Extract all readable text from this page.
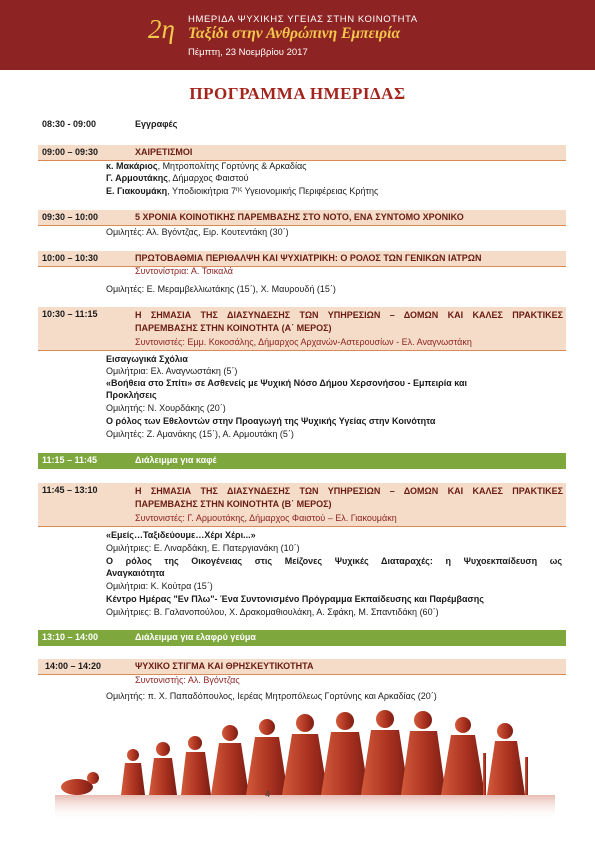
2η ΗΜΕΡΙΔΑ ΨΥΧΙΚΗΣ ΥΓΕΙΑΣ ΣΤΗΝ ΚΟΙΝΟΤΗΤΑ
Ταξίδι στην Ανθρώπινη Εμπειρία
Πέμπτη, 23 Νοεμβρίου 2017
ΠΡΟΓΡΑΜΜΑ ΗΜΕΡΙΔΑΣ
08:30 - 09:00	Εγγραφές
09:00 – 09:30	ΧΑΙΡΕΤΙΣΜΟΙ
κ. Μακάριος, Μητροπολίτης Γορτύνης & Αρκαδίας
Γ. Αρμουτάκης, Δήμαρχος Φαιστού
Ε. Γιακουμάκη, Υποδιοικήτρια $7^{\eta\varsigma}$ Υγειονομικής Περιφέρειας Κρήτης
09:30 – 10:00	5 ΧΡΟΝΙΑ ΚΟΙΝΟΤΙΚΗΣ ΠΑΡΕΜΒΑΣΗΣ ΣΤΟ ΝΟΤΟ, ΕΝΑ ΣΥΝΤΟΜΟ ΧΡΟΝΙΚΟ
Ομιλητές: Αλ. Βγόντζας, Ειρ. Κουτεντάκη (30΄)
10:00 – 10:30	ΠΡΩΤΟΒΑΘΜΙΑ ΠΕΡΙΘΑΛΨΗ ΚΑΙ ΨΥΧΙΑΤΡΙΚΗ: Ο ΡΟΛΟΣ ΤΩΝ ΓΕΝΙΚΩΝ ΙΑΤΡΩΝ
Συντονίστρια: Α. Τσικαλά
Ομιλητές: Ε. Μεραμβελλιωτάκης (15΄), Χ. Μαυρουδή (15΄)
10:30 – 11:15	Η ΣΗΜΑΣΙΑ ΤΗΣ ΔΙΑΣΥΝΔΕΣΗΣ ΤΩΝ ΥΠΗΡΕΣΙΩΝ – ΔΟΜΩΝ ΚΑΙ ΚΑΛΕΣ ΠΡΑΚΤΙΚΕΣ
ΠΑΡΕΜΒΑΣΗΣ ΣΤΗΝ ΚΟΙΝΟΤΗΤΑ (Α΄ ΜΕΡΟΣ)
Συντονιστές: Εμμ. Κοκοσάλης, Δήμαρχος Αρχανών-Αστερουσίων - Ελ. Αναγνωστάκη
Εισαγωγικά Σχόλια
Ομιλήτρια: Ελ. Αναγνωστάκη (5΄)
«Βοήθεια στο Σπίτι» σε Ασθενείς με Ψυχική Νόσο Δήμου Χερσονήσου - Εμπειρία και
Προκλήσεις
Ομιλητής: Ν. Χουρδάκης (20΄)
Ο ρόλος των Εθελοντών στην Προαγωγή της Ψυχικής Υγείας στην Κοινότητα
Ομιλητές: Ζ. Αμανάκης (15΄), Α. Αρμουτάκη (5΄)
11:15 – 11:45	Διάλειμμα για καφέ
11:45 – 13:10	Η ΣΗΜΑΣΙΑ ΤΗΣ ΔΙΑΣΥΝΔΕΣΗΣ ΤΩΝ ΥΠΗΡΕΣΙΩΝ – ΔΟΜΩΝ ΚΑΙ ΚΑΛΕΣ ΠΡΑΚΤΙΚΕΣ
ΠΑΡΕΜΒΑΣΗΣ ΣΤΗΝ ΚΟΙΝΟΤΗΤΑ (Β΄ ΜΕΡΟΣ)
Συντονιστές: Γ. Αρμουτάκης, Δήμαρχος Φαιστού – Ελ. Γιακουμάκη
«Εμείς…Ταξιδεύουμε…Χέρι Χέρι...»
Ομιλήτριες: Ε. Λιναρδάκη, Ε. Πατεργιανάκη (10΄)
Ο ρόλος της Οικογένειας στις Μείζονες Ψυχικές Διαταραχές: η Ψυχοεκπαίδευση ως
Αναγκαιότητα
Ομιλήτρια: Κ. Κούτρα (15΄)
Κέντρο Ημέρας "Εν Πλω"- Ένα Συντονισμένο Πρόγραμμα Εκπαίδευσης και Παρέμβασης
Ομιλήτριες: Β. Γαλανοπούλου, Χ. Δρακομαθιουλάκη, Α. Σφάκη, Μ. Σπαντιδάκη (60΄)
13:10 – 14:00	Διάλειμμα για ελαφρύ γεύμα
14:00 – 14:20	ΨΥΧΙΚΟ ΣΤΙΓΜΑ ΚΑΙ ΘΡΗΣΚΕΥΤΙΚΟΤΗΤΑ
Συντονιστής: Αλ. Βγόντζας
Ομιλητής: π. Χ. Παπαδόπουλος, Ιερέας Μητροπόλεως Γορτύνης και Αρκαδίας (20΄)
4
